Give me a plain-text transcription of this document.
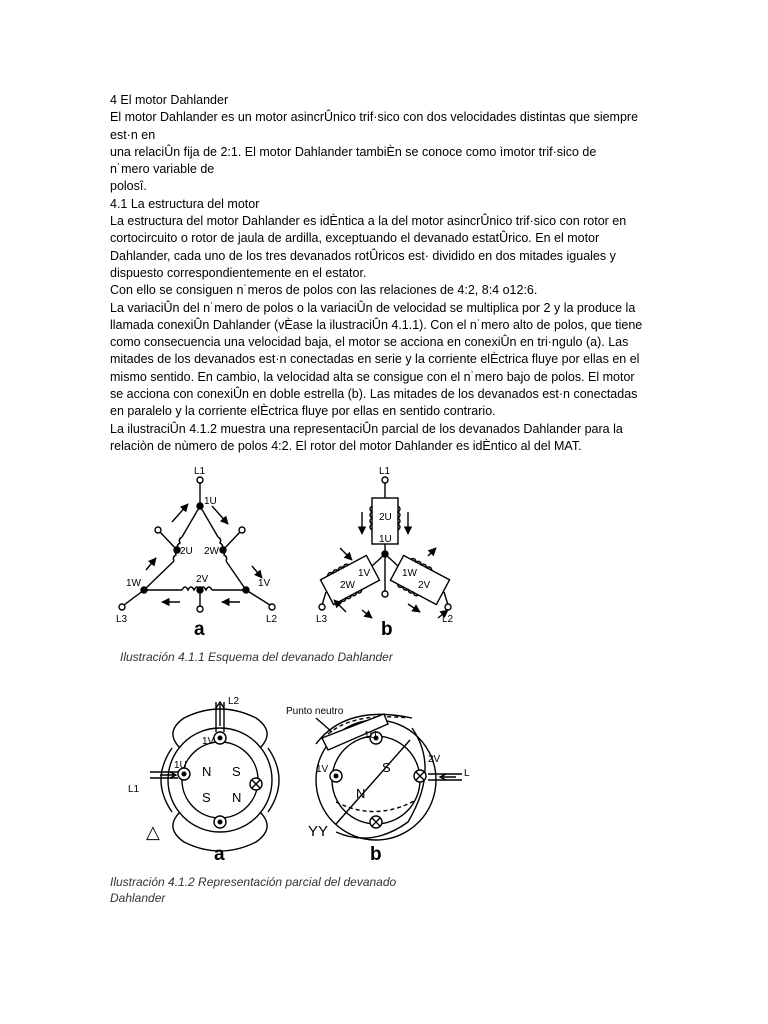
4 El motor Dahlander

El motor Dahlander es un motor asincrÛnico trif·sico con dos velocidades distintas que siempre

est·n en

una relaciÛn fija de 2:1. El motor Dahlander tambiÈn se conoce como ìmotor trif·sico de

n˙mero variable de

polosî.

4.1 La estructura del motor

La estructura del motor Dahlander es idÈntica a la del motor asincrÛnico trif·sico con rotor en

cortocircuito o rotor de jaula de ardilla, exceptuando el devanado estatÛrico. En el motor

Dahlander, cada uno de los tres devanados rotÛricos est· dividido en dos mitades iguales y

dispuesto correspondientemente en el estator.

Con ello se consiguen n˙meros de polos con las relaciones de 4:2, 8:4 o12:6.

La variaciÛn del n˙mero de polos o la variaciÛn de velocidad se multiplica por 2 y la produce la

llamada conexiÛn Dahlander (vÈase la ilustraciÛn 4.1.1). Con el n˙mero alto de polos, que tiene

como consecuencia una velocidad baja, el motor se acciona en conexiÛn en tri·ngulo (a). Las

mitades de los devanados est·n conectadas en serie y la corriente elÈctrica fluye por ellas en el

mismo sentido. En cambio, la velocidad alta se consigue con el n˙mero bajo de polos. El motor

se acciona con conexiÛn en doble estrella (b). Las mitades de los devanados est·n conectadas

en paralelo y la corriente elÈctrica fluye por ellas en sentido contrario.

La ilustraciÛn 4.1.2 muestra una representaciÛn parcial de los devanados Dahlander para la

relaciòn de nùmero de polos 4:2. El rotor del motor Dahlander es idÈntico al del MAT.

L1
1U
2U 2W
1W	2V	1V
L3	L2
a
L1
2U
1U
1V
2W
1W
2V
L3	L2
b
Ilustración 4.1.1 Esquema del devanado Dahlander
L2
1V
L1
1U N S
S N
△
a
Punto neutro
1U
1V
2V
L
S
N
YY
b
Ilustración 4.1.2 Representación parcial del devanado
Dahlander
